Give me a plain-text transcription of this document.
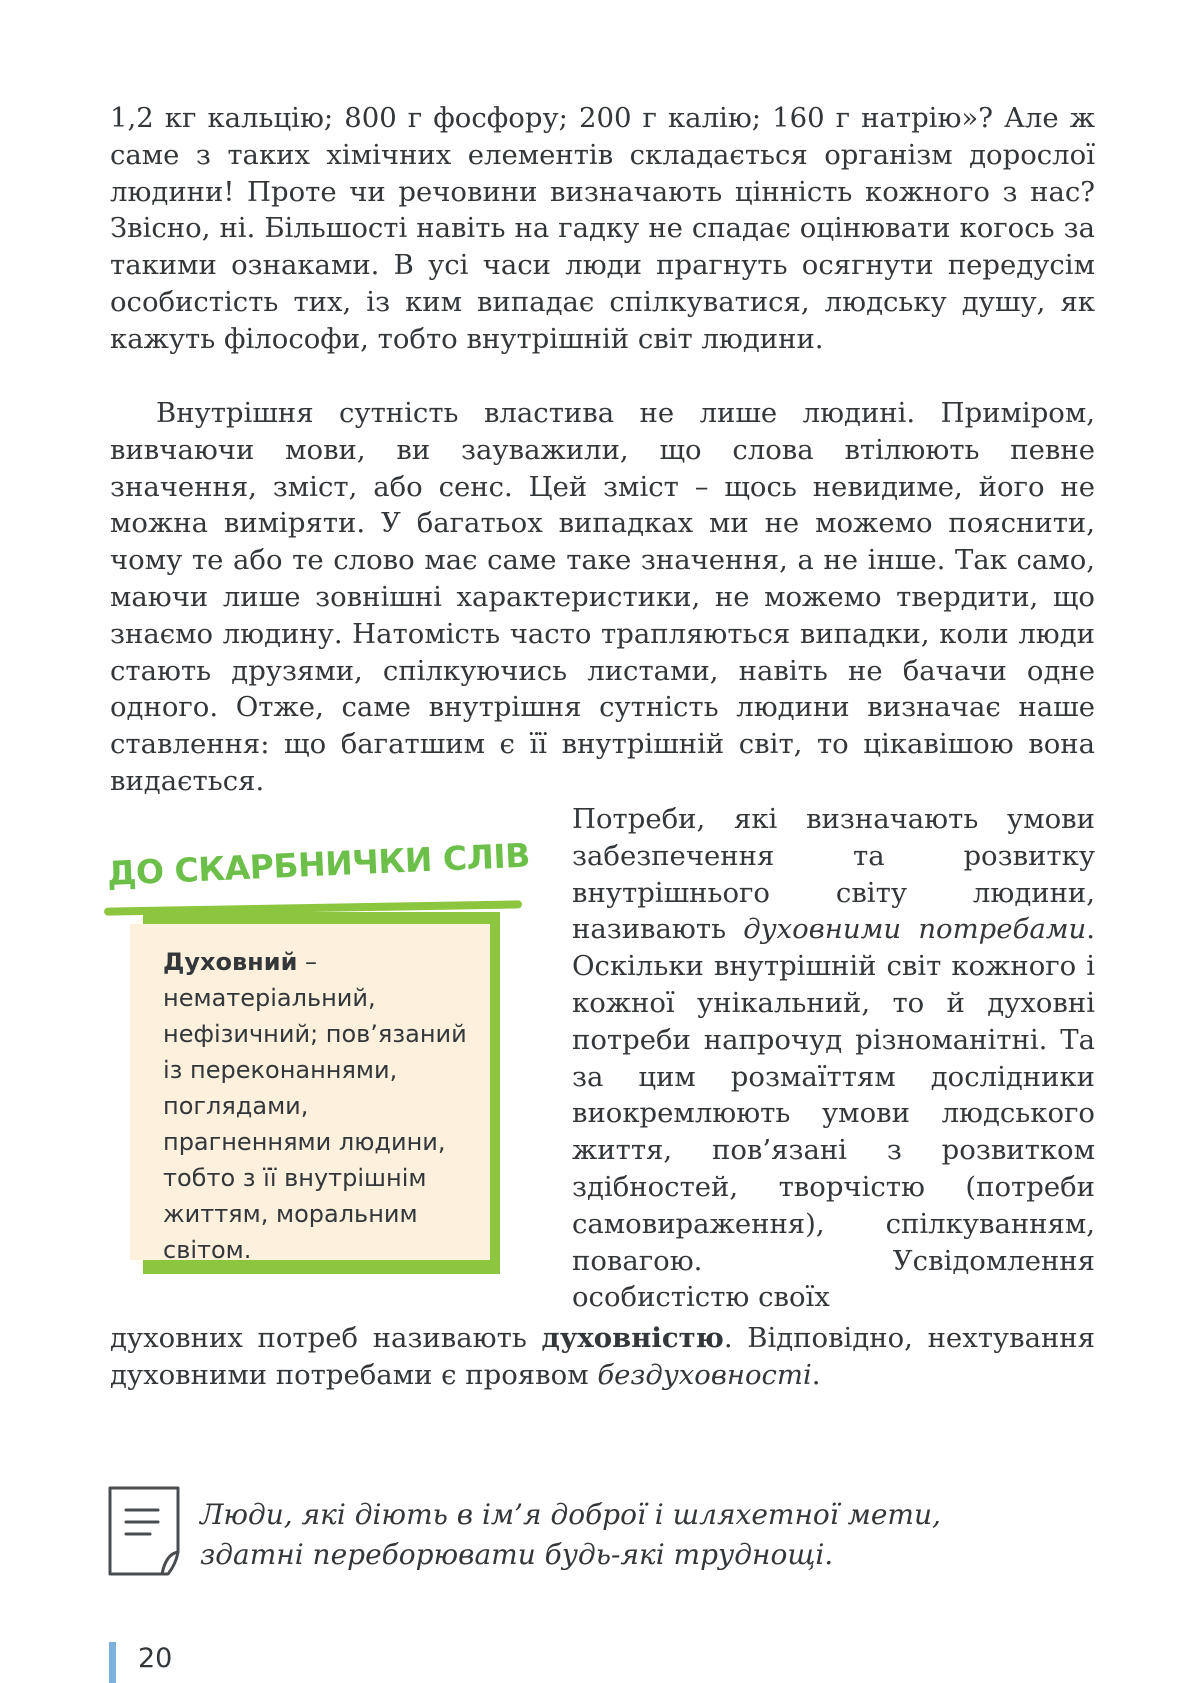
1,2 кг кальцію; 800 г фосфору; 200 г калію; 160 г натрію»? Але ж саме з таких хімічних елементів складається організм дорослої людини! Проте чи речовини визначають цінність кожного з нас? Звісно, ні. Більшості навіть на гадку не спадає оцінювати когось за такими ознаками. В усі часи люди прагнуть осягнути передусім особистість тих, із ким випадає спілкуватися, людську душу, як кажуть філософи, тобто внутрішній світ людини.

Внутрішня сутність властива не лише людині. Приміром, вивчаючи мови, ви зауважили, що слова втілюють певне значення, зміст, або сенс. Цей зміст – щось невидиме, його не можна виміряти. У багатьох випадках ми не можемо пояснити, чому те або те слово має саме таке значення, а не інше. Так само, маючи лише зовнішні характеристики, не можемо твердити, що знаємо людину. Натомість часто трапляються випадки, коли люди стають друзями, спілкуючись листами, навіть не бачачи одне одного. Отже, саме внутрішня сутність людини визначає наше ставлення: що багатшим є її внутрішній світ, то цікавішою вона видається.

Потреби, які визначають умови забезпечення та розвитку внутрішнього світу людини, називають духовними потребами. Оскільки внутрішній світ кожного і кожної унікальний, то й духовні потреби напрочуд різноманітні. Та за цим розмаїттям дослідники виокремлюють умови людського життя, пов’язані з розвитком здібностей, творчістю (потреби самовираження), спілкуванням, повагою. Усвідомлення особистістю своїх

духовних потреб називають духовністю. Відповідно, нехтування духовними потребами є проявом бездуховності.

ДО СКАРБНИЧКИ СЛІВ

Духовний – нематеріальний, нефізичний; пов’язаний із переконаннями, поглядами, прагненнями людини, тобто з її внутрішнім життям, моральним світом.

Люди, які діють в ім’я доброї і шляхетної мети,
здатні переборювати будь-які труднощі.

20
